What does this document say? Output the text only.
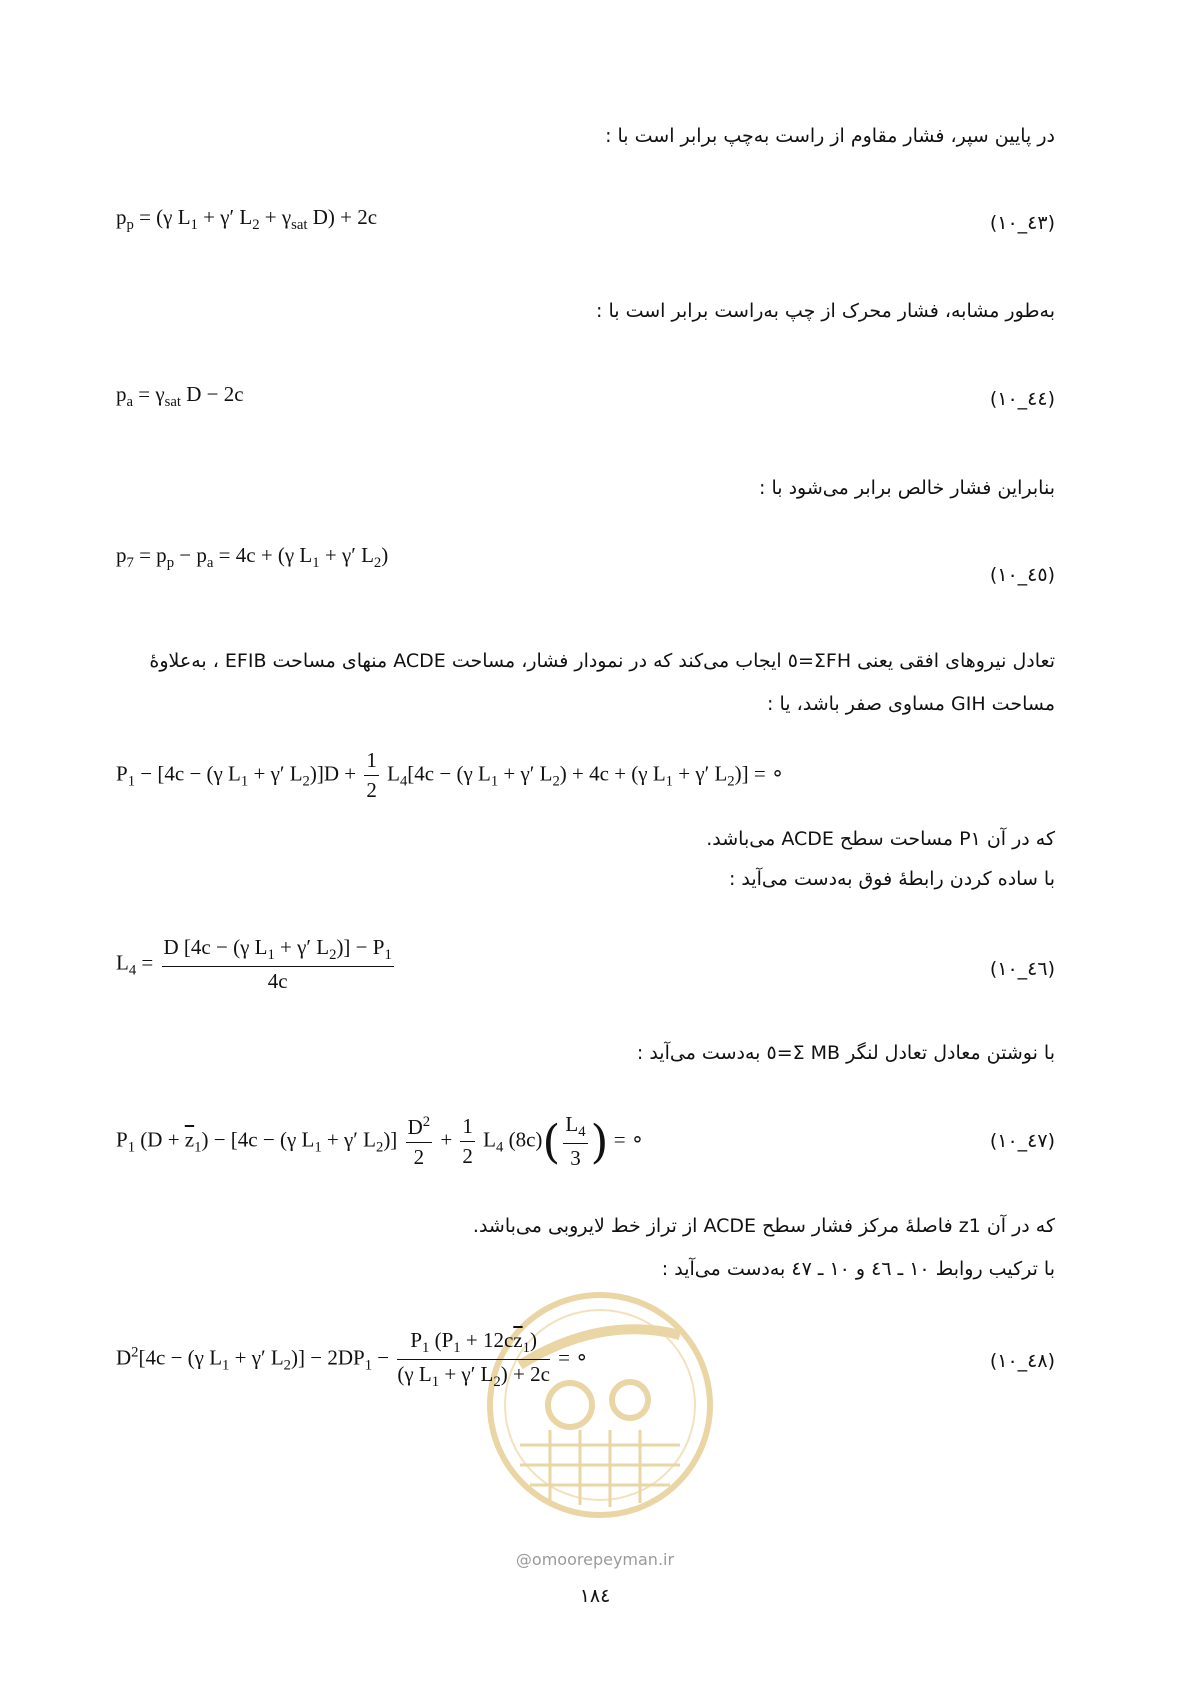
در پایین سپر، فشار مقاوم از راست به‌چپ برابر است با :
$p_p = (\gamma$ $L_1 + \gamma'$ $L_2 + \gamma_{sat}$ D) + 2c	(٤٣_١٠)
به‌طور مشابه، فشار محرک از چپ به‌راست برابر است با :
$p_a = \gamma_{sat}$ D − 2c	(٤٤_١٠)
بنابراین فشار خالص برابر می‌شود با :
$p_7 = p_p - p_a = 4c + (\gamma$ $L_1 + \gamma'$ $L_2$)
(٤٥_١٠)
تعادل نیروهای افقی یعنی ΣFH=٥ ایجاب می‌کند که در نمودار فشار، مساحت ACDE منهای مساحت EFIB ، به‌علاوۀ
مساحت GIH مساوی صفر باشد، یا :
$P_1 - [4c - (\gamma$ $L_1 + \gamma'$ $L_2)]D + \frac{1}{2} L_4[4c - (\gamma$ $L_1 + \gamma'$ $L_2) + 4c + (\gamma$ $L_1 + \gamma'$ $L_2$)] = ∘
که در آن P١ مساحت سطح ACDE می‌باشد.
با ساده کردن رابطۀ فوق به‌دست می‌آید :
$L_4 = \frac{D [4c - (\gamma L_1 + \gamma' L_2)] - P_1}{4c}$	(٤٦_١٠)
با نوشتن معادل تعادل لنگر Σ MB=٥ به‌دست می‌آید :
$P_1$ $(D + \overline{z}_1) - [4c - (\gamma$ $L_1 + \gamma'$ $L_2)] \frac{D^2}{2} + \frac{1}{2} L_4$ $(8c)( \frac{L_4}{3}$ ) = ∘	(٤٧_١٠)
که در آن z1 فاصلۀ مرکز فشار سطح ACDE از تراز خط لایروبی می‌باشد.
با ترکیب روابط ١٠ ـ ٤٦ و ١٠ ـ ٤٧ به‌دست می‌آید :
$D^2[4c - (\gamma$ $L_1 + \gamma'$ $L_2)] - 2DP_1 - \frac{P_1 (P_1 + 12c\overline{z}_1)}{(\gamma L_1 + \gamma' L_2) + 2c}$ = ∘	(٤٨_١٠)
@omoorepeyman.ir
١٨٤
